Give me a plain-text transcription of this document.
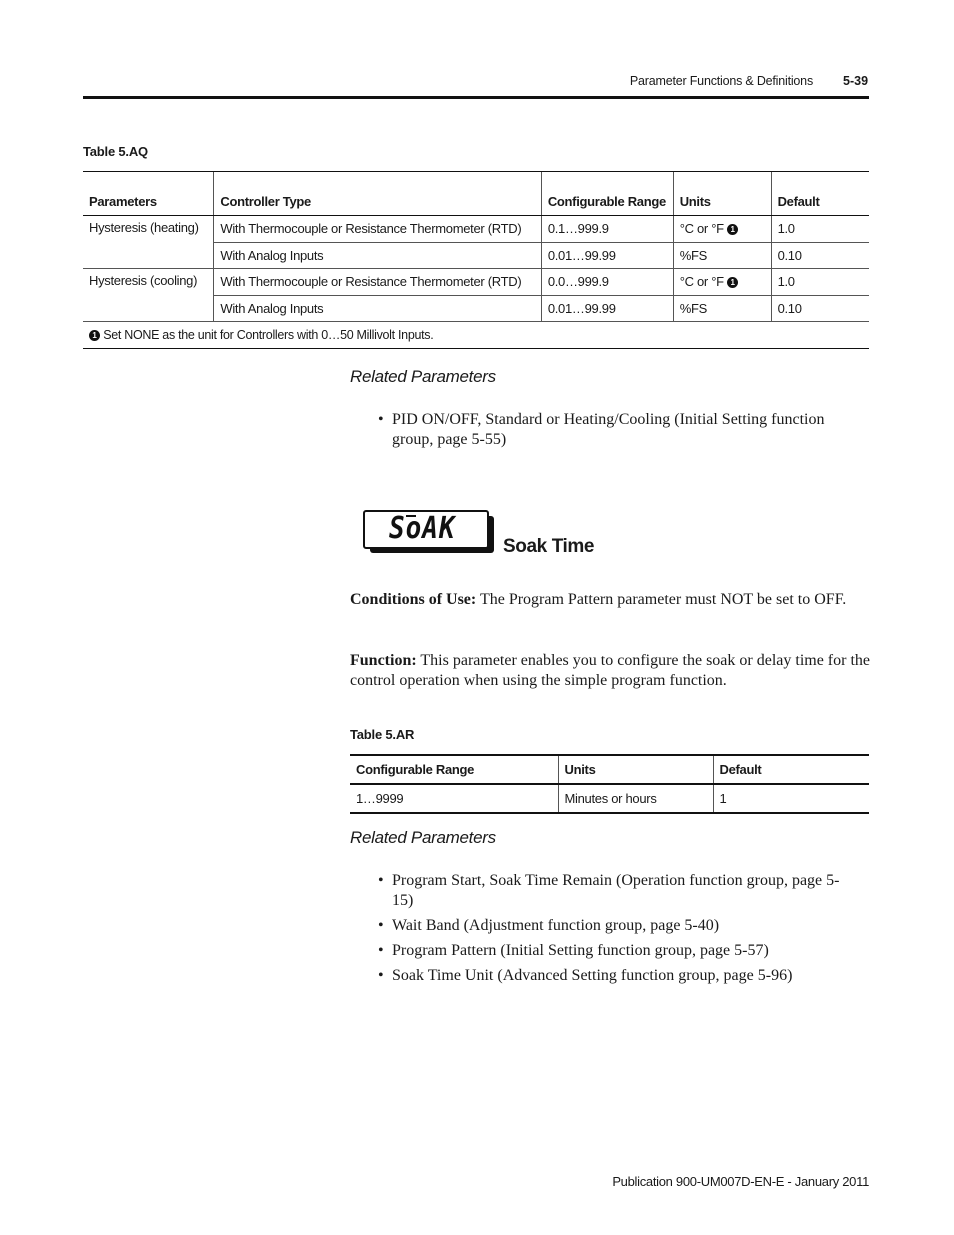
Parameter Functions & Definitions 5-39
Table 5.AQ
Parameters	Controller Type	Configurable Range	Units	Default
Hysteresis (heating)	With Thermocouple or Resistance Thermometer (RTD)	0.1…999.9	°C or °F 1	1.0
	With Analog Inputs	0.01…99.99	%FS	0.10
Hysteresis (cooling)	With Thermocouple or Resistance Thermometer (RTD)	0.0…999.9	°C or °F 1	1.0
	With Analog Inputs	0.01…99.99	%FS	0.10
1 Set NONE as the unit for Controllers with 0…50 Millivolt Inputs.				
Related Parameters
• PID ON/OFF, Standard or Heating/Cooling (Initial Setting function group, page 5-55)
SoAK
Soak Time
Conditions of Use: The Program Pattern parameter must NOT be set to OFF.
Function: This parameter enables you to configure the soak or delay time for the control operation when using the simple program function.
Table 5.AR
Configurable Range	Units	Default
1…9999	Minutes or hours	1
Related Parameters
• Program Start, Soak Time Remain (Operation function group, page 5-15)
• Wait Band (Adjustment function group, page 5-40)
• Program Pattern (Initial Setting function group, page 5-57)
• Soak Time Unit (Advanced Setting function group, page 5-96)
Publication 900-UM007D-EN-E - January 2011
